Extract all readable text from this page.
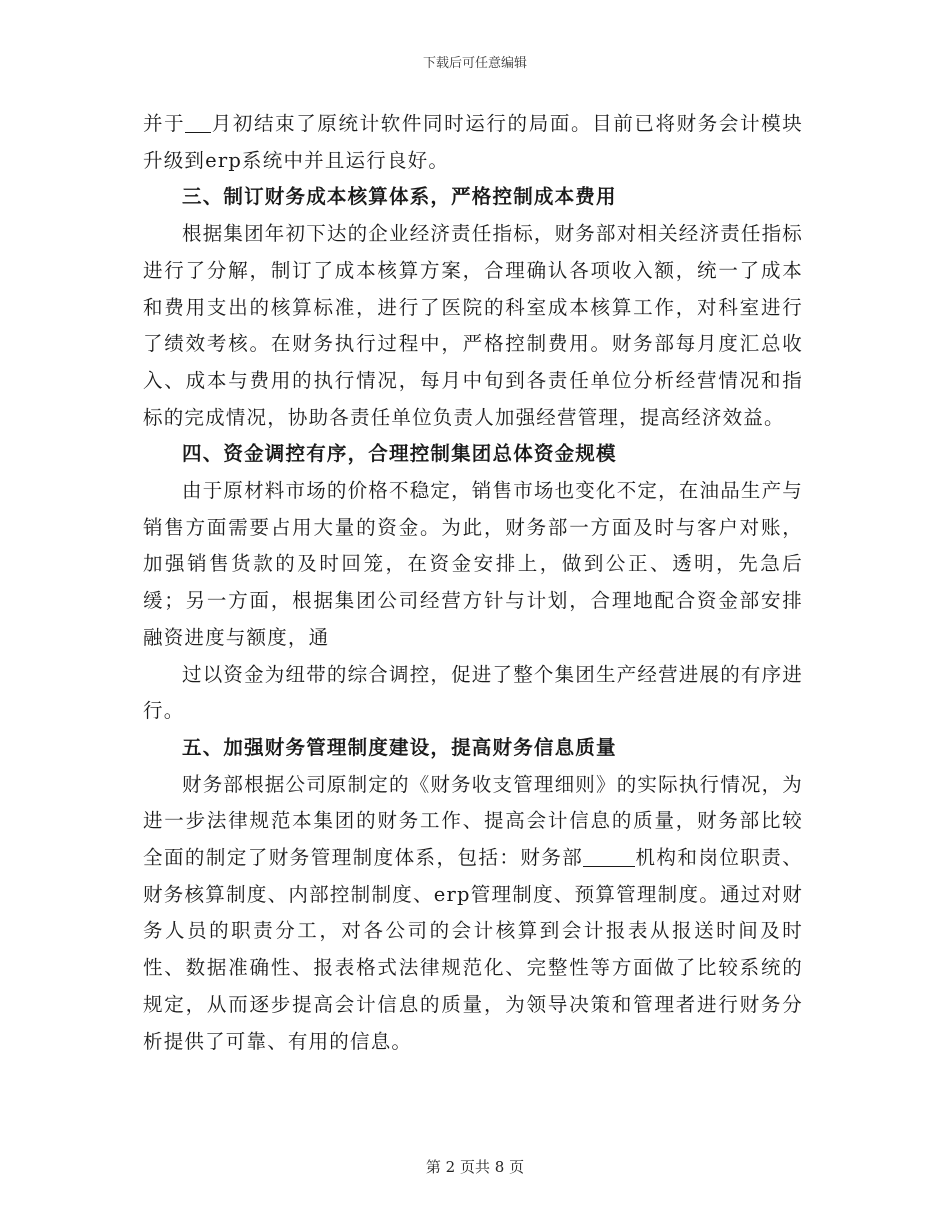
下载后可任意编辑

并于 月初结束了原统计软件同时运行的局面。目前已将财务会计模块升级到erp系统中并且运行良好。

三、制订财务成本核算体系，严格控制成本费用

根据集团年初下达的企业经济责任指标，财务部对相关经济责任指标进行了分解，制订了成本核算方案，合理确认各项收入额，统一了成本和费用支出的核算标准，进行了医院的科室成本核算工作，对科室进行了绩效考核。在财务执行过程中，严格控制费用。财务部每月度汇总收入、成本与费用的执行情况，每月中旬到各责任单位分析经营情况和指标的完成情况，协助各责任单位负责人加强经营管理，提高经济效益。

四、资金调控有序，合理控制集团总体资金规模

由于原材料市场的价格不稳定，销售市场也变化不定，在油品生产与销售方面需要占用大量的资金。为此，财务部一方面及时与客户对账，加强销售货款的及时回笼，在资金安排上，做到公正、透明，先急后缓；另一方面，根据集团公司经营方针与计划，合理地配合资金部安排融资进度与额度，通

过以资金为纽带的综合调控，促进了整个集团生产经营进展的有序进行。

五、加强财务管理制度建设，提高财务信息质量

财务部根据公司原制定的《财务收支管理细则》的实际执行情况，为进一步法律规范本集团的财务工作、提高会计信息的质量，财务部比较全面的制定了财务管理制度体系，包括：财务部	机构和岗位职责、财务核算制度、内部控制制度、erp管理制度、预算管理制度。通过对财务人员的职责分工，对各公司的会计核算到会计报表从报送时间及时性、数据准确性、报表格式法律规范化、完整性等方面做了比较系统的规定，从而逐步提高会计信息的质量，为领导决策和管理者进行财务分析提供了可靠、有用的信息。

第 2 页共 8 页
